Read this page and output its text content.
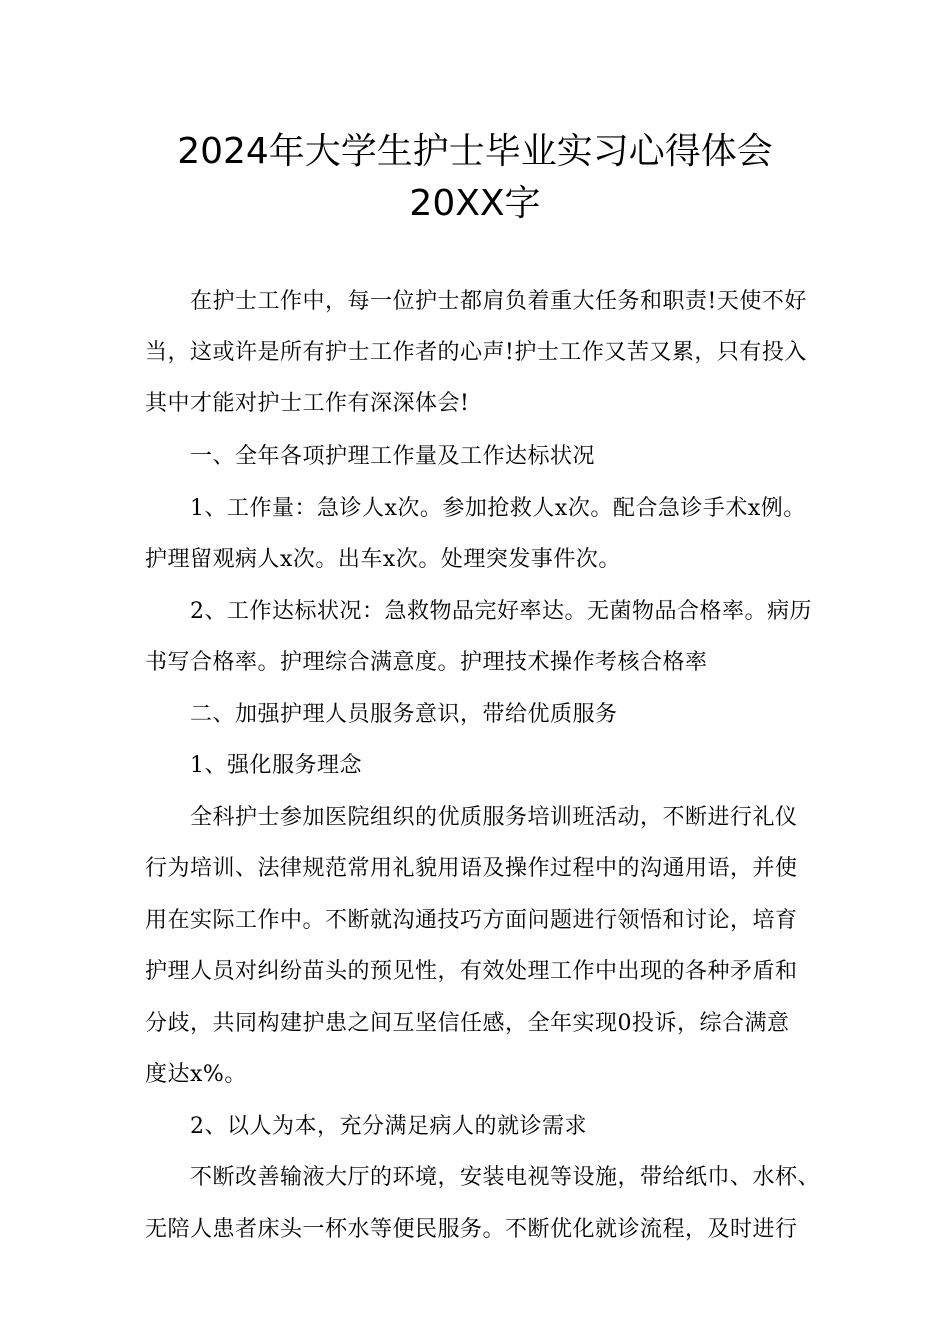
2024年大学生护士毕业实习心得体会
20XX字
　　在护士工作中，每一位护士都肩负着重大任务和职责!天使不好
当，这或许是所有护士工作者的心声!护士工作又苦又累，只有投入
其中才能对护士工作有深深体会!
　　一、全年各项护理工作量及工作达标状况
　　1、工作量：急诊人x次。参加抢救人x次。配合急诊手术x例。
护理留观病人x次。出车x次。处理突发事件次。
　　2、工作达标状况：急救物品完好率达。无菌物品合格率。病历
书写合格率。护理综合满意度。护理技术操作考核合格率
　　二、加强护理人员服务意识，带给优质服务
　　1、强化服务理念
　　全科护士参加医院组织的优质服务培训班活动，不断进行礼仪
行为培训、法律规范常用礼貌用语及操作过程中的沟通用语，并使
用在实际工作中。不断就沟通技巧方面问题进行领悟和讨论，培育
护理人员对纠纷苗头的预见性，有效处理工作中出现的各种矛盾和
分歧，共同构建护患之间互坚信任感，全年实现0投诉，综合满意
度达x%。
　　2、以人为本，充分满足病人的就诊需求
　　不断改善输液大厅的环境，安装电视等设施，带给纸巾、水杯、
无陪人患者床头一杯水等便民服务。不断优化就诊流程，及时进行
